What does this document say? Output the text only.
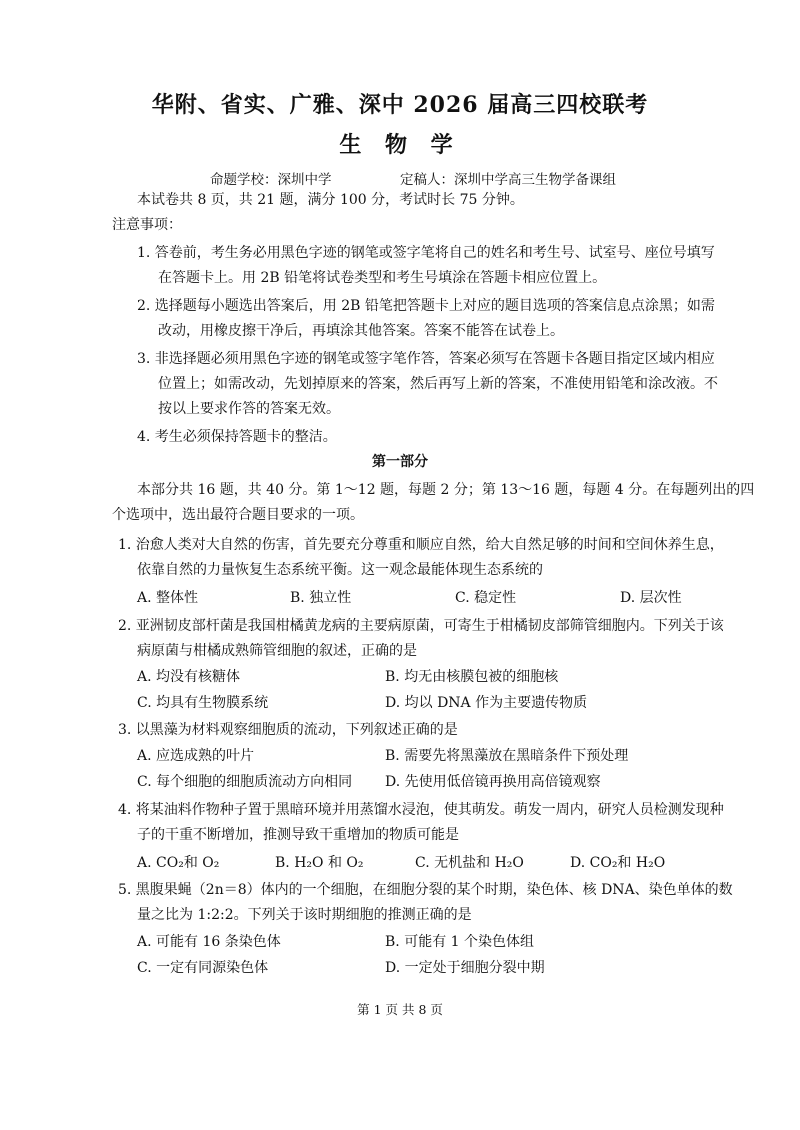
华附、省实、广雅、深中 2026 届高三四校联考
生 物 学
命题学校：深圳中学	定稿人：深圳中学高三生物学备课组
本试卷共 8 页，共 21 题，满分 100 分，考试时长 75 分钟。
注意事项：
1. 答卷前，考生务必用黑色字迹的钢笔或签字笔将自己的姓名和考生号、试室号、座位号填写
在答题卡上。用 2B 铅笔将试卷类型和考生号填涂在答题卡相应位置上。
2. 选择题每小题选出答案后，用 2B 铅笔把答题卡上对应的题目选项的答案信息点涂黑；如需
改动，用橡皮擦干净后，再填涂其他答案。答案不能答在试卷上。
3. 非选择题必须用黑色字迹的钢笔或签字笔作答，答案必须写在答题卡各题目指定区域内相应
位置上；如需改动，先划掉原来的答案，然后再写上新的答案，不准使用铅笔和涂改液。不
按以上要求作答的答案无效。
4. 考生必须保持答题卡的整洁。
第一部分
本部分共 16 题，共 40 分。第 1～12 题，每题 2 分；第 13～16 题，每题 4 分。在每题列出的四
个选项中，选出最符合题目要求的一项。
1. 治愈人类对大自然的伤害，首先要充分尊重和顺应自然，给大自然足够的时间和空间休养生息，
依靠自然的力量恢复生态系统平衡。这一观念最能体现生态系统的
A. 整体性	B. 独立性	C. 稳定性	D. 层次性
2. 亚洲韧皮部杆菌是我国柑橘黄龙病的主要病原菌，可寄生于柑橘韧皮部筛管细胞内。下列关于该
病原菌与柑橘成熟筛管细胞的叙述，正确的是
A. 均没有核糖体	B. 均无由核膜包被的细胞核
C. 均具有生物膜系统	D. 均以 DNA 作为主要遗传物质
3. 以黑藻为材料观察细胞质的流动，下列叙述正确的是
A. 应选成熟的叶片	B. 需要先将黑藻放在黑暗条件下预处理
C. 每个细胞的细胞质流动方向相同 D. 先使用低倍镜再换用高倍镜观察
4. 将某油料作物种子置于黑暗环境并用蒸馏水浸泡，使其萌发。萌发一周内，研究人员检测发现种
子的干重不断增加，推测导致干重增加的物质可能是
A. CO₂和 O₂	B. H₂O 和 O₂	C. 无机盐和 H₂O	D. CO₂和 H₂O
5. 黑腹果蝇（2n＝8）体内的一个细胞，在细胞分裂的某个时期，染色体、核 DNA、染色单体的数
量之比为 1:2:2。下列关于该时期细胞的推测正确的是
A. 可能有 16 条染色体	B. 可能有 1 个染色体组
C. 一定有同源染色体	D. 一定处于细胞分裂中期
第 1 页 共 8 页
